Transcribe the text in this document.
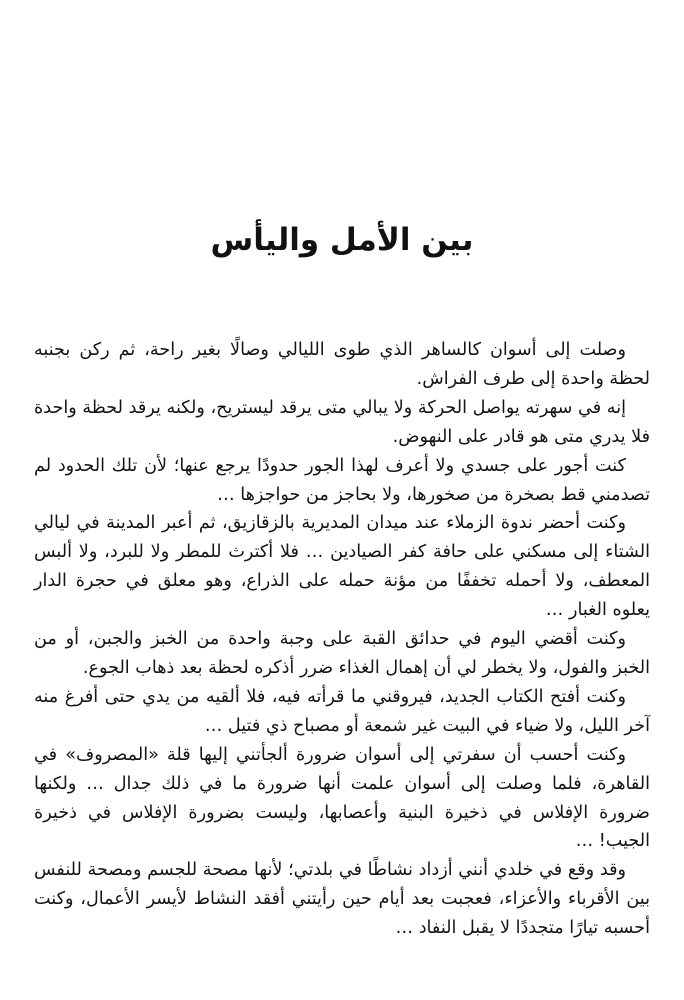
بين الأمل واليأس

وصلت إلى أسوان كالساهر الذي طوى الليالي وصالًا بغير راحة، ثم ركن بجنبه لحظة واحدة إلى طرف الفراش.

إنه في سهرته يواصل الحركة ولا يبالي متى يرقد ليستريح، ولكنه يرقد لحظة واحدة فلا يدري متى هو قادر على النهوض.

كنت أجور على جسدي ولا أعرف لهذا الجور حدودًا يرجع عنها؛ لأن تلك الحدود لم تصدمني قط بصخرة من صخورها، ولا بحاجز من حواجزها …

وكنت أحضر ندوة الزملاء عند ميدان المديرية بالزقازيق، ثم أعبر المدينة في ليالي الشتاء إلى مسكني على حافة كفر الصيادين … فلا أكترث للمطر ولا للبرد، ولا ألبس المعطف، ولا أحمله تخففًا من مؤنة حمله على الذراع، وهو معلق في حجرة الدار يعلوه الغبار …

وكنت أقضي اليوم في حدائق القبة على وجبة واحدة من الخبز والجبن، أو من الخبز والفول، ولا يخطر لي أن إهمال الغذاء ضرر أذكره لحظة بعد ذهاب الجوع.

وكنت أفتح الكتاب الجديد، فيروقني ما قرأته فيه، فلا ألقيه من يدي حتى أفرغ منه آخر الليل، ولا ضياء في البيت غير شمعة أو مصباح ذي فتيل …

وكنت أحسب أن سفرتي إلى أسوان ضرورة ألجأتني إليها قلة «المصروف» في القاهرة، فلما وصلت إلى أسوان علمت أنها ضرورة ما في ذلك جدال … ولكنها ضرورة الإفلاس في ذخيرة البنية وأعصابها، وليست بضرورة الإفلاس في ذخيرة الجيب! …

وقد وقع في خلدي أنني أزداد نشاطًا في بلدتي؛ لأنها مصحة للجسم ومصحة للنفس بين الأقرباء والأعزاء، فعجبت بعد أيام حين رأيتني أفقد النشاط لأيسر الأعمال، وكنت أحسبه تيارًا متجددًا لا يقبل النفاد …
